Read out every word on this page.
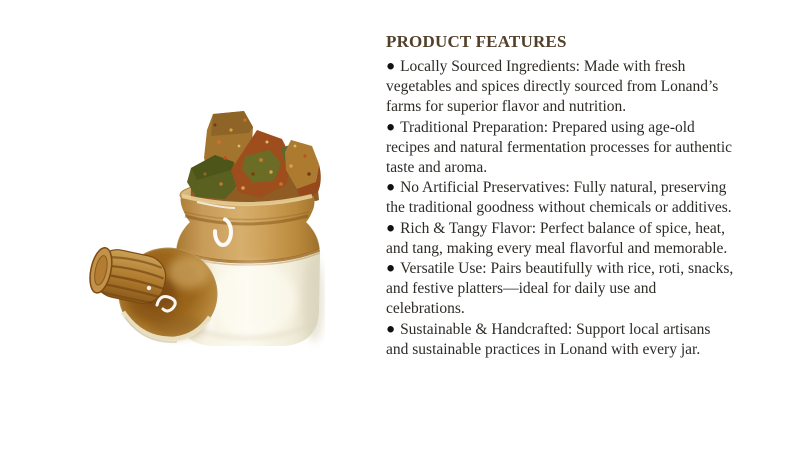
PRODUCT FEATURES

● Locally Sourced Ingredients: Made with fresh vegetables and spices directly sourced from Lonand’s farms for superior flavor and nutrition.

● Traditional Preparation: Prepared using age-old recipes and natural fermentation processes for authentic taste and aroma.

● No Artificial Preservatives: Fully natural, preserving the traditional goodness without chemicals or additives.

● Rich & Tangy Flavor: Perfect balance of spice, heat, and tang, making every meal flavorful and memorable.

● Versatile Use: Pairs beautifully with rice, roti, snacks, and festive platters—ideal for daily use and celebrations.

● Sustainable & Handcrafted: Support local artisans and sustainable practices in Lonand with every jar.
